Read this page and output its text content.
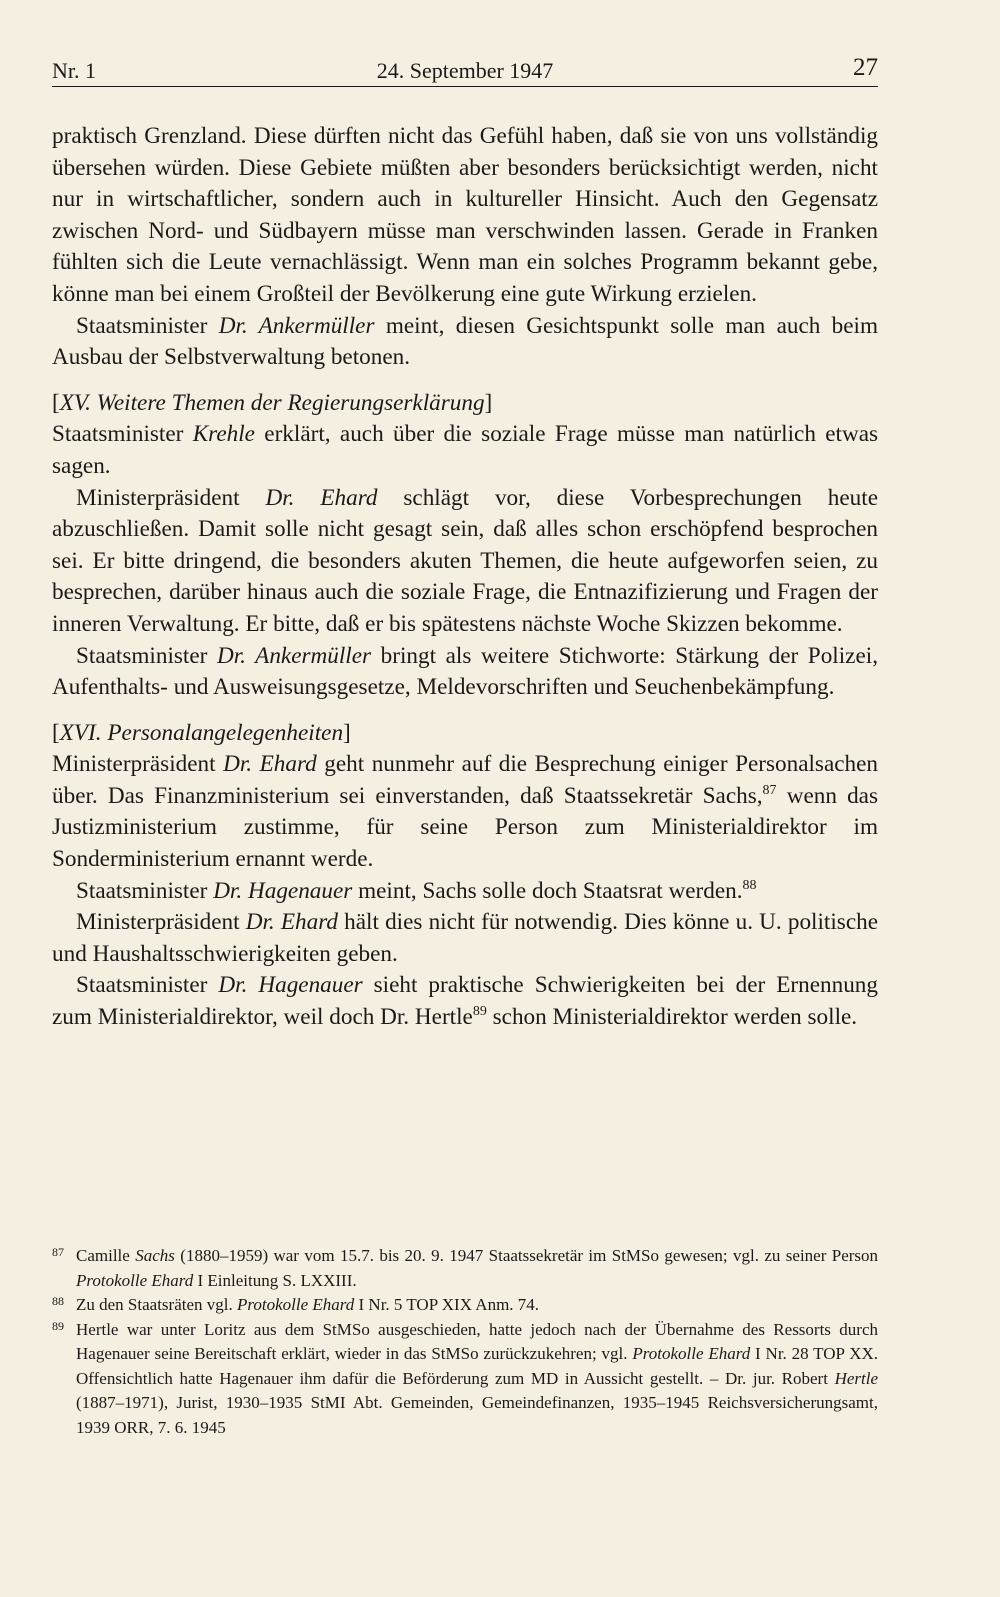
Nr. 1	24. September 1947	27

praktisch Grenzland. Diese dürften nicht das Gefühl haben, daß sie von uns vollständig übersehen würden. Diese Gebiete müßten aber besonders berücksichtigt werden, nicht nur in wirtschaftlicher, sondern auch in kultureller Hinsicht. Auch den Gegensatz zwischen Nord- und Südbayern müsse man verschwinden lassen. Gerade in Franken fühlten sich die Leute vernachlässigt. Wenn man ein solches Programm bekannt gebe, könne man bei einem Großteil der Bevölkerung eine gute Wirkung erzielen.

Staatsminister Dr. Ankermüller meint, diesen Gesichtspunkt solle man auch beim Ausbau der Selbstverwaltung betonen.

[XV. Weitere Themen der Regierungserklärung]

Staatsminister Krehle erklärt, auch über die soziale Frage müsse man natürlich etwas sagen.

Ministerpräsident Dr. Ehard schlägt vor, diese Vorbesprechungen heute abzuschließen. Damit solle nicht gesagt sein, daß alles schon erschöpfend besprochen sei. Er bitte dringend, die besonders akuten Themen, die heute aufgeworfen seien, zu besprechen, darüber hinaus auch die soziale Frage, die Entnazifizierung und Fragen der inneren Verwaltung. Er bitte, daß er bis spätestens nächste Woche Skizzen bekomme.

Staatsminister Dr. Ankermüller bringt als weitere Stichworte: Stärkung der Polizei, Aufenthalts- und Ausweisungsgesetze, Meldevorschriften und Seuchenbekämpfung.

[XVI. Personalangelegenheiten]

Ministerpräsident Dr. Ehard geht nunmehr auf die Besprechung einiger Personalsachen über. Das Finanzministerium sei einverstanden, daß Staatssekretär Sachs,$^{87}$ wenn das Justizministerium zustimme, für seine Person zum Ministerialdirektor im Sonderministerium ernannt werde.

Staatsminister Dr. Hagenauer meint, Sachs solle doch Staatsrat werden.$^{88}$

Ministerpräsident Dr. Ehard hält dies nicht für notwendig. Dies könne u. U. politische und Haushaltsschwierigkeiten geben.

Staatsminister Dr. Hagenauer sieht praktische Schwierigkeiten bei der Ernennung zum Ministerialdirektor, weil doch Dr. Hertle$^{89}$ schon Ministerialdirektor werden solle.

87 Camille Sachs (1880–1959) war vom 15.7. bis 20. 9. 1947 Staatssekretär im StMSo gewesen; vgl. zu seiner Person Protokolle Ehard I Einleitung S. LXXIII.

88 Zu den Staatsräten vgl. Protokolle Ehard I Nr. 5 TOP XIX Anm. 74.

89 Hertle war unter Loritz aus dem StMSo ausgeschieden, hatte jedoch nach der Übernahme des Ressorts durch Hagenauer seine Bereitschaft erklärt, wieder in das StMSo zurückzukehren; vgl. Protokolle Ehard I Nr. 28 TOP XX. Offensichtlich hatte Hagenauer ihm dafür die Beförderung zum MD in Aussicht gestellt. – Dr. jur. Robert Hertle (1887–1971), Jurist, 1930–1935 StMI Abt. Gemeinden, Gemeindefinanzen, 1935–1945 Reichsversicherungsamt, 1939 ORR, 7. 6. 1945
